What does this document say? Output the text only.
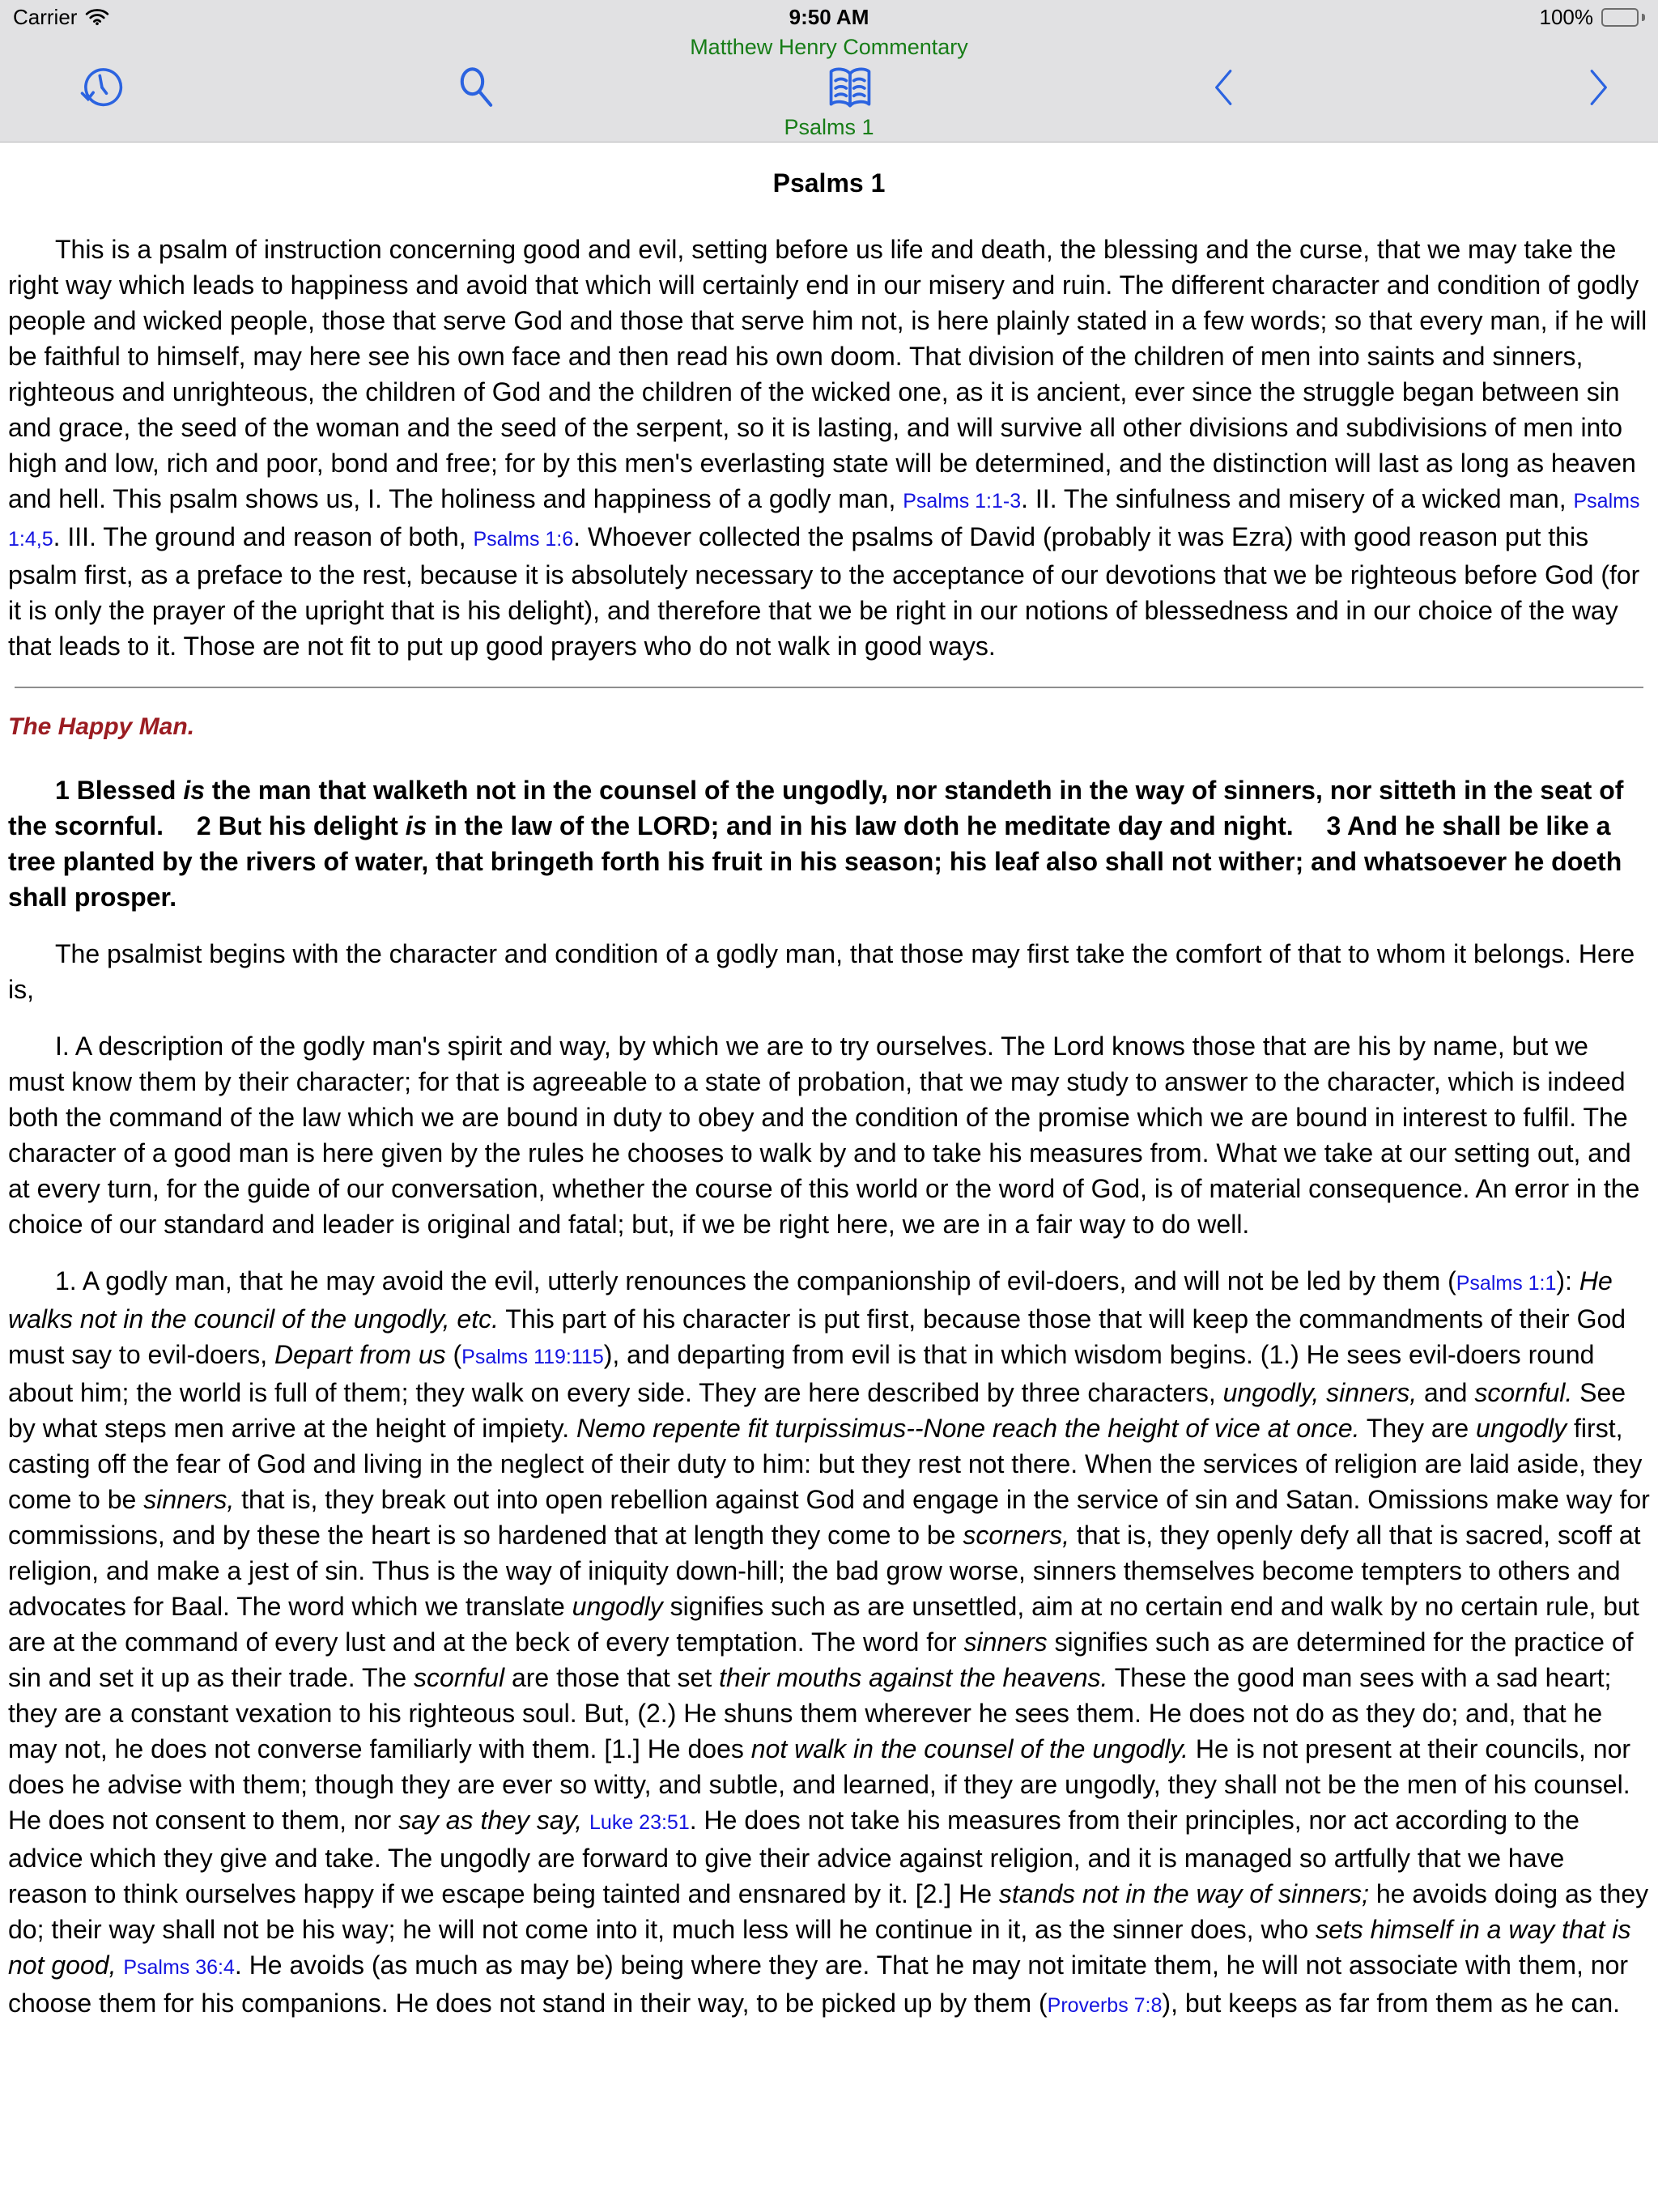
Carrier	9:50 AM	100%
Matthew Henry Commentary
Psalms 1
Psalms 1

This is a psalm of instruction concerning good and evil, setting before us life and death, the blessing and the curse, that we may take the right way which leads to happiness and avoid that which will certainly end in our misery and ruin. The different character and condition of godly people and wicked people, those that serve God and those that serve him not, is here plainly stated in a few words; so that every man, if he will be faithful to himself, may here see his own face and then read his own doom. That division of the children of men into saints and sinners, righteous and unrighteous, the children of God and the children of the wicked one, as it is ancient, ever since the struggle began between sin and grace, the seed of the woman and the seed of the serpent, so it is lasting, and will survive all other divisions and subdivisions of men into high and low, rich and poor, bond and free; for by this men's everlasting state will be determined, and the distinction will last as long as heaven and hell. This psalm shows us, I. The holiness and happiness of a godly man, Psalms 1:1-3. II. The sinfulness and misery of a wicked man, Psalms 1:4,5. III. The ground and reason of both, Psalms 1:6. Whoever collected the psalms of David (probably it was Ezra) with good reason put this psalm first, as a preface to the rest, because it is absolutely necessary to the acceptance of our devotions that we be righteous before God (for it is only the prayer of the upright that is his delight), and therefore that we be right in our notions of blessedness and in our choice of the way that leads to it. Those are not fit to put up good prayers who do not walk in good ways.

The Happy Man.

1 Blessed is the man that walketh not in the counsel of the ungodly, nor standeth in the way of sinners, nor sitteth in the seat of the scornful.   2 But his delight is in the law of the LORD; and in his law doth he meditate day and night.   3 And he shall be like a tree planted by the rivers of water, that bringeth forth his fruit in his season; his leaf also shall not wither; and whatsoever he doeth shall prosper.

The psalmist begins with the character and condition of a godly man, that those may first take the comfort of that to whom it belongs. Here is,

I. A description of the godly man's spirit and way, by which we are to try ourselves. The Lord knows those that are his by name, but we must know them by their character; for that is agreeable to a state of probation, that we may study to answer to the character, which is indeed both the command of the law which we are bound in duty to obey and the condition of the promise which we are bound in interest to fulfil. The character of a good man is here given by the rules he chooses to walk by and to take his measures from. What we take at our setting out, and at every turn, for the guide of our conversation, whether the course of this world or the word of God, is of material consequence. An error in the choice of our standard and leader is original and fatal; but, if we be right here, we are in a fair way to do well.

1. A godly man, that he may avoid the evil, utterly renounces the companionship of evil-doers, and will not be led by them (Psalms 1:1): He walks not in the council of the ungodly, etc. This part of his character is put first, because those that will keep the commandments of their God must say to evil-doers, Depart from us (Psalms 119:115), and departing from evil is that in which wisdom begins. (1.) He sees evil-doers round about him; the world is full of them; they walk on every side. They are here described by three characters, ungodly, sinners, and scornful. See by what steps men arrive at the height of impiety. Nemo repente fit turpissimus--None reach the height of vice at once. They are ungodly first, casting off the fear of God and living in the neglect of their duty to him: but they rest not there. When the services of religion are laid aside, they come to be sinners, that is, they break out into open rebellion against God and engage in the service of sin and Satan. Omissions make way for commissions, and by these the heart is so hardened that at length they come to be scorners, that is, they openly defy all that is sacred, scoff at religion, and make a jest of sin. Thus is the way of iniquity down-hill; the bad grow worse, sinners themselves become tempters to others and advocates for Baal. The word which we translate ungodly signifies such as are unsettled, aim at no certain end and walk by no certain rule, but are at the command of every lust and at the beck of every temptation. The word for sinners signifies such as are determined for the practice of sin and set it up as their trade. The scornful are those that set their mouths against the heavens. These the good man sees with a sad heart; they are a constant vexation to his righteous soul. But, (2.) He shuns them wherever he sees them. He does not do as they do; and, that he may not, he does not converse familiarly with them. [1.] He does not walk in the counsel of the ungodly. He is not present at their councils, nor does he advise with them; though they are ever so witty, and subtle, and learned, if they are ungodly, they shall not be the men of his counsel. He does not consent to them, nor say as they say, Luke 23:51. He does not take his measures from their principles, nor act according to the advice which they give and take. The ungodly are forward to give their advice against religion, and it is managed so artfully that we have reason to think ourselves happy if we escape being tainted and ensnared by it. [2.] He stands not in the way of sinners; he avoids doing as they do; their way shall not be his way; he will not come into it, much less will he continue in it, as the sinner does, who sets himself in a way that is not good, Psalms 36:4. He avoids (as much as may be) being where they are. That he may not imitate them, he will not associate with them, nor choose them for his companions. He does not stand in their way, to be picked up by them (Proverbs 7:8), but keeps as far from them as he can.
